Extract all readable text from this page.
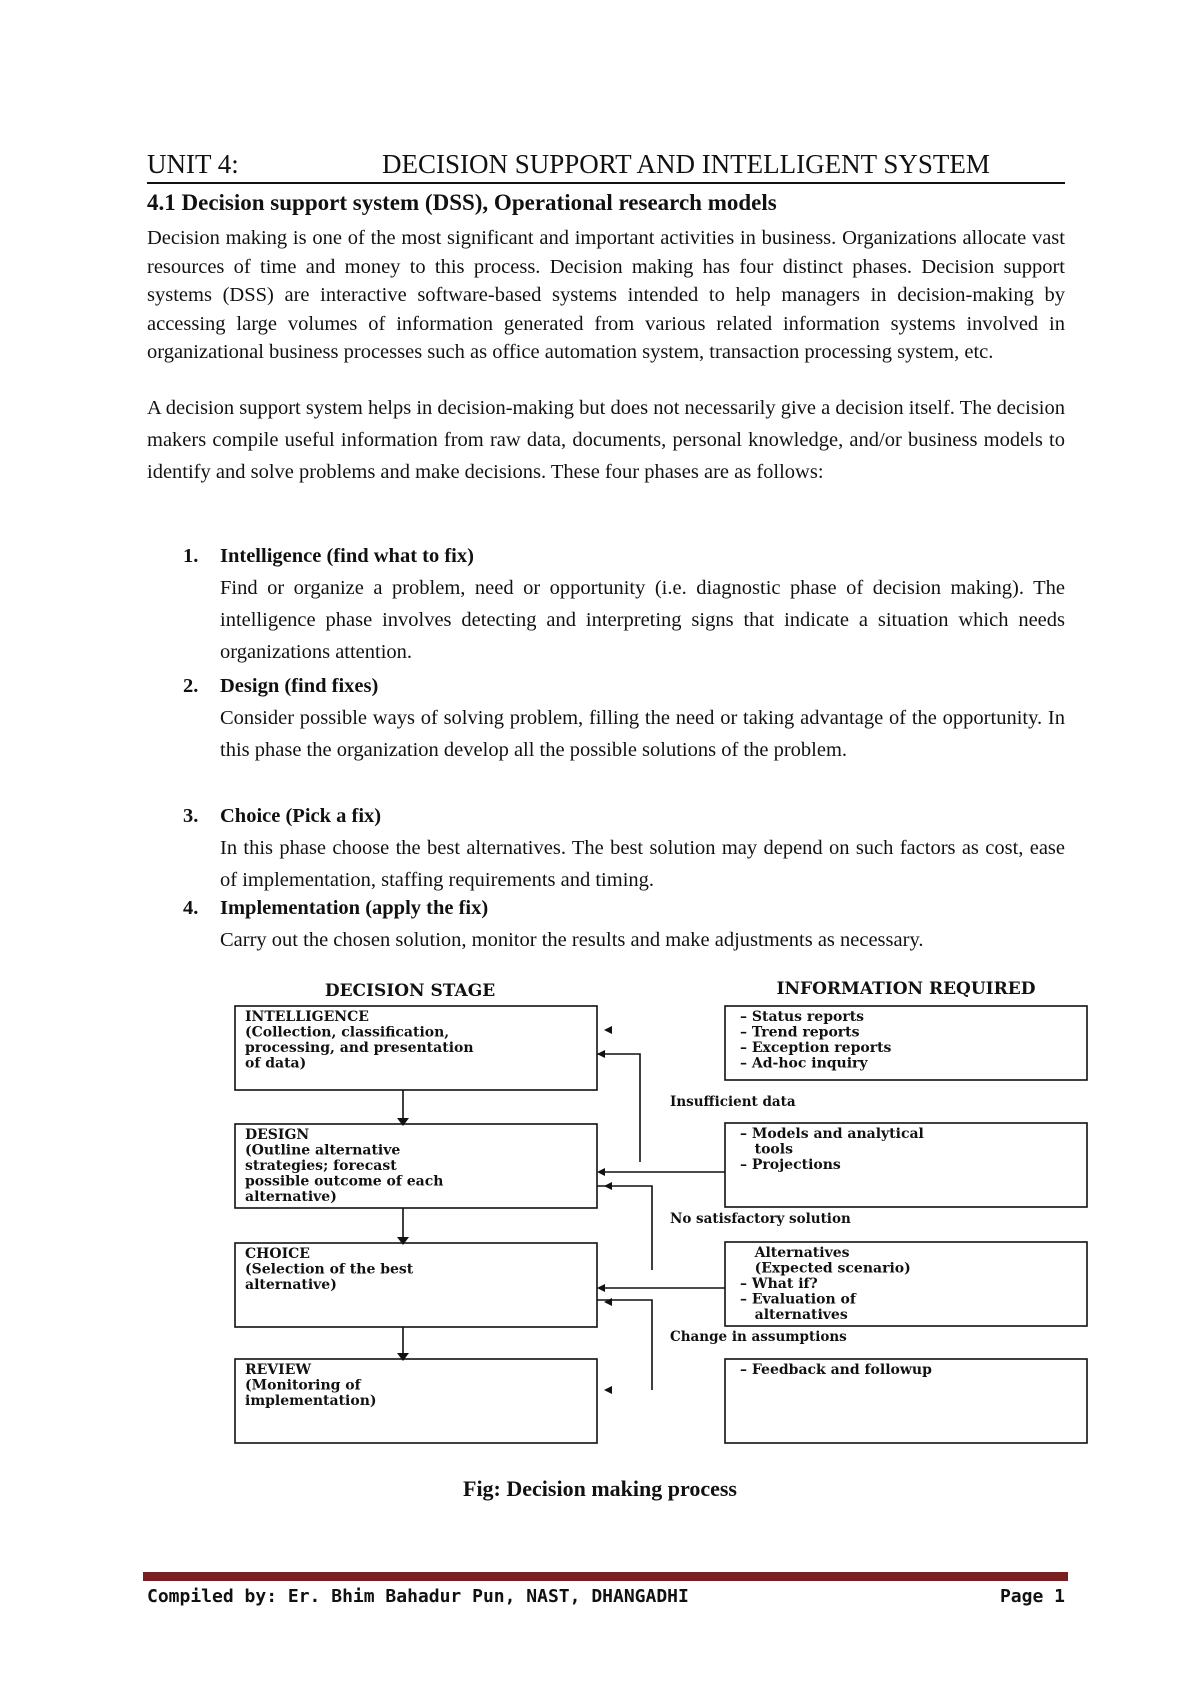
UNIT 4:	DECISION SUPPORT AND INTELLIGENT SYSTEM
4.1 Decision support system (DSS), Operational research models

Decision making is one of the most significant and important activities in business. Organizations allocate vast resources of time and money to this process. Decision making has four distinct phases. Decision support systems (DSS) are interactive software-based systems intended to help managers in decision-making by accessing large volumes of information generated from various related information systems involved in organizational business processes such as office automation system, transaction processing system, etc.

A decision support system helps in decision-making but does not necessarily give a decision itself. The decision makers compile useful information from raw data, documents, personal knowledge, and/or business models to identify and solve problems and make decisions. These four phases are as follows:

1. Intelligence (find what to fix)
Find or organize a problem, need or opportunity (i.e. diagnostic phase of decision making). The intelligence phase involves detecting and interpreting signs that indicate a situation which needs organizations attention.
2. Design (find fixes)
Consider possible ways of solving problem, filling the need or taking advantage of the opportunity. In this phase the organization develop all the possible solutions of the problem.
3. Choice (Pick a fix)
In this phase choose the best alternatives. The best solution may depend on such factors as cost, ease of implementation, staffing requirements and timing.
4. Implementation (apply the fix)
Carry out the chosen solution, monitor the results and make adjustments as necessary.
DECISION STAGE	INFORMATION REQUIRED
INTELLIGENCE
(Collection, classification,
processing, and presentation
of data)
DESIGN
(Outline alternative
strategies; forecast
possible outcome of each
alternative)
CHOICE
(Selection of the best
alternative)
REVIEW
(Monitoring of
implementation)
– Status reports
– Trend reports
– Exception reports
– Ad-hoc inquiry
– Models and analytical
tools
– Projections
Alternatives
(Expected scenario)
– What if?
– Evaluation of
alternatives
– Feedback and followup
Insufficient data
No satisfactory solution
Change in assumptions
Fig: Decision making process
Compiled by: Er. Bhim Bahadur Pun, NAST, DHANGADHI	Page 1
